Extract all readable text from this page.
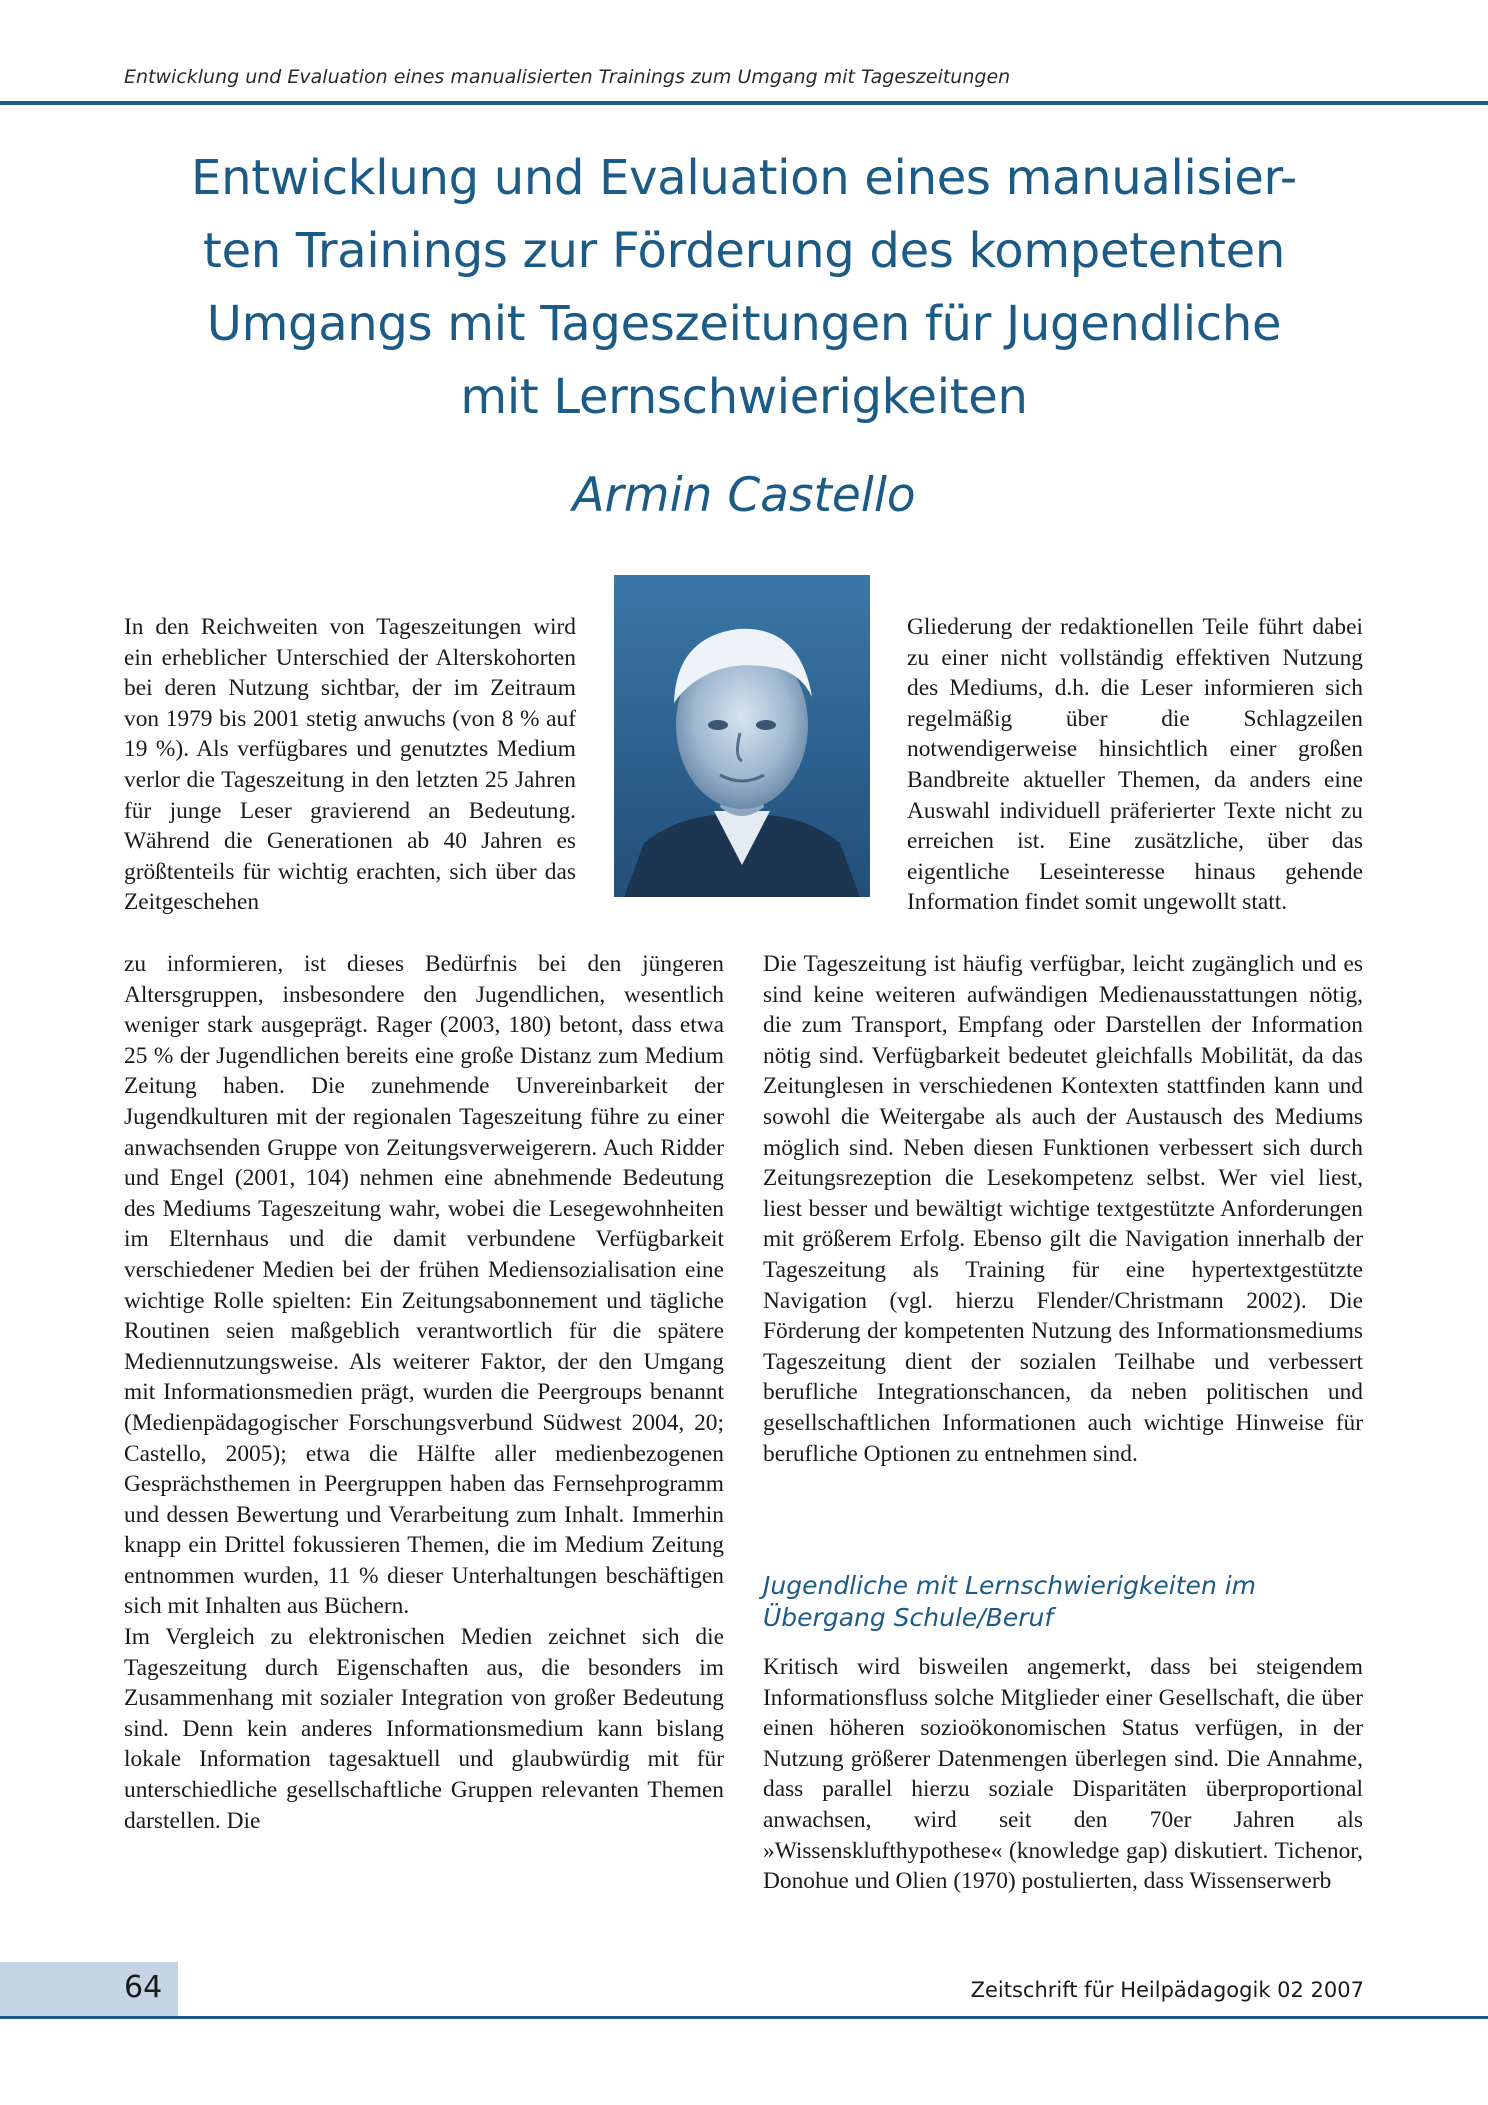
Entwicklung und Evaluation eines manualisierten Trainings zum Umgang mit Tageszeitungen
Entwicklung und Evaluation eines manualisier-
ten Trainings zur Förderung des kompetenten
Umgangs mit Tageszeitungen für Jugendliche
mit Lernschwierigkeiten
Armin Castello

In den Reichweiten von Tageszeitungen wird ein erheblicher Unterschied der Alterskohorten bei deren Nutzung sichtbar, der im Zeitraum von 1979 bis 2001 stetig anwuchs (von 8 % auf 19 %). Als verfügbares und genutztes Medium verlor die Tageszeitung in den letzten 25 Jahren für junge Leser gravierend an Bedeutung. Während die Generationen ab 40 Jahren es größtenteils für wichtig erachten, sich über das Zeitgeschehen

zu informieren, ist dieses Bedürfnis bei den jüngeren Altersgruppen, insbesondere den Jugendlichen, wesentlich weniger stark ausgeprägt. Rager (2003, 180) betont, dass etwa 25 % der Jugendlichen bereits eine große Distanz zum Medium Zeitung haben. Die zunehmende Unvereinbarkeit der Jugendkulturen mit der regionalen Tageszeitung führe zu einer anwachsenden Gruppe von Zeitungsverweigerern. Auch Ridder und Engel (2001, 104) nehmen eine abnehmende Bedeutung des Mediums Tageszeitung wahr, wobei die Lesegewohnheiten im Elternhaus und die damit verbundene Verfügbarkeit verschiedener Medien bei der frühen Mediensozialisation eine wichtige Rolle spielten: Ein Zeitungsabonnement und tägliche Routinen seien maßgeblich verantwortlich für die spätere Mediennutzungsweise. Als weiterer Faktor, der den Umgang mit Informationsmedien prägt, wurden die Peergroups benannt (Medienpädagogischer Forschungsverbund Südwest 2004, 20; Castello, 2005); etwa die Hälfte aller medienbezogenen Gesprächsthemen in Peergruppen haben das Fernsehprogramm und dessen Bewertung und Verarbeitung zum Inhalt. Immerhin knapp ein Drittel fokussieren Themen, die im Medium Zeitung entnommen wurden, 11 % dieser Unterhaltungen beschäftigen sich mit Inhalten aus Büchern.

Im Vergleich zu elektronischen Medien zeichnet sich die Tageszeitung durch Eigenschaften aus, die besonders im Zusammenhang mit sozialer Integration von großer Bedeutung sind. Denn kein anderes Informationsmedium kann bislang lokale Information tagesaktuell und glaubwürdig mit für unterschiedliche gesellschaftliche Gruppen relevanten Themen darstellen. Die

Gliederung der redaktionellen Teile führt dabei zu einer nicht vollständig effektiven Nutzung des Mediums, d.h. die Leser informieren sich regelmäßig über die Schlagzeilen notwendigerweise hinsichtlich einer großen Bandbreite aktueller Themen, da anders eine Auswahl individuell präferierter Texte nicht zu erreichen ist. Eine zusätzliche, über das eigentliche Leseinteresse hinaus gehende Information findet somit ungewollt statt.

Die Tageszeitung ist häufig verfügbar, leicht zugänglich und es sind keine weiteren aufwändigen Medienausstattungen nötig, die zum Transport, Empfang oder Darstellen der Information nötig sind. Verfügbarkeit bedeutet gleichfalls Mobilität, da das Zeitunglesen in verschiedenen Kontexten stattfinden kann und sowohl die Weitergabe als auch der Austausch des Mediums möglich sind. Neben diesen Funktionen verbessert sich durch Zeitungsrezeption die Lesekompetenz selbst. Wer viel liest, liest besser und bewältigt wichtige textgestützte Anforderungen mit größerem Erfolg. Ebenso gilt die Navigation innerhalb der Tageszeitung als Training für eine hypertextgestützte Navigation (vgl. hierzu Flender/Christmann 2002). Die Förderung der kompetenten Nutzung des Informationsmediums Tageszeitung dient der sozialen Teilhabe und verbessert berufliche Integrationschancen, da neben politischen und gesellschaftlichen Informationen auch wichtige Hinweise für berufliche Optionen zu entnehmen sind.

Jugendliche mit Lernschwierigkeiten im Übergang Schule/Beruf

Kritisch wird bisweilen angemerkt, dass bei steigendem Informationsfluss solche Mitglieder einer Gesellschaft, die über einen höheren sozioökonomischen Status verfügen, in der Nutzung größerer Datenmengen überlegen sind. Die Annahme, dass parallel hierzu soziale Disparitäten überproportional anwachsen, wird seit den 70er Jahren als »Wissensklufthypothese« (knowledge gap) diskutiert. Tichenor, Donohue und Olien (1970) postulierten, dass Wissenserwerb

64	Zeitschrift für Heilpädagogik 02 2007
